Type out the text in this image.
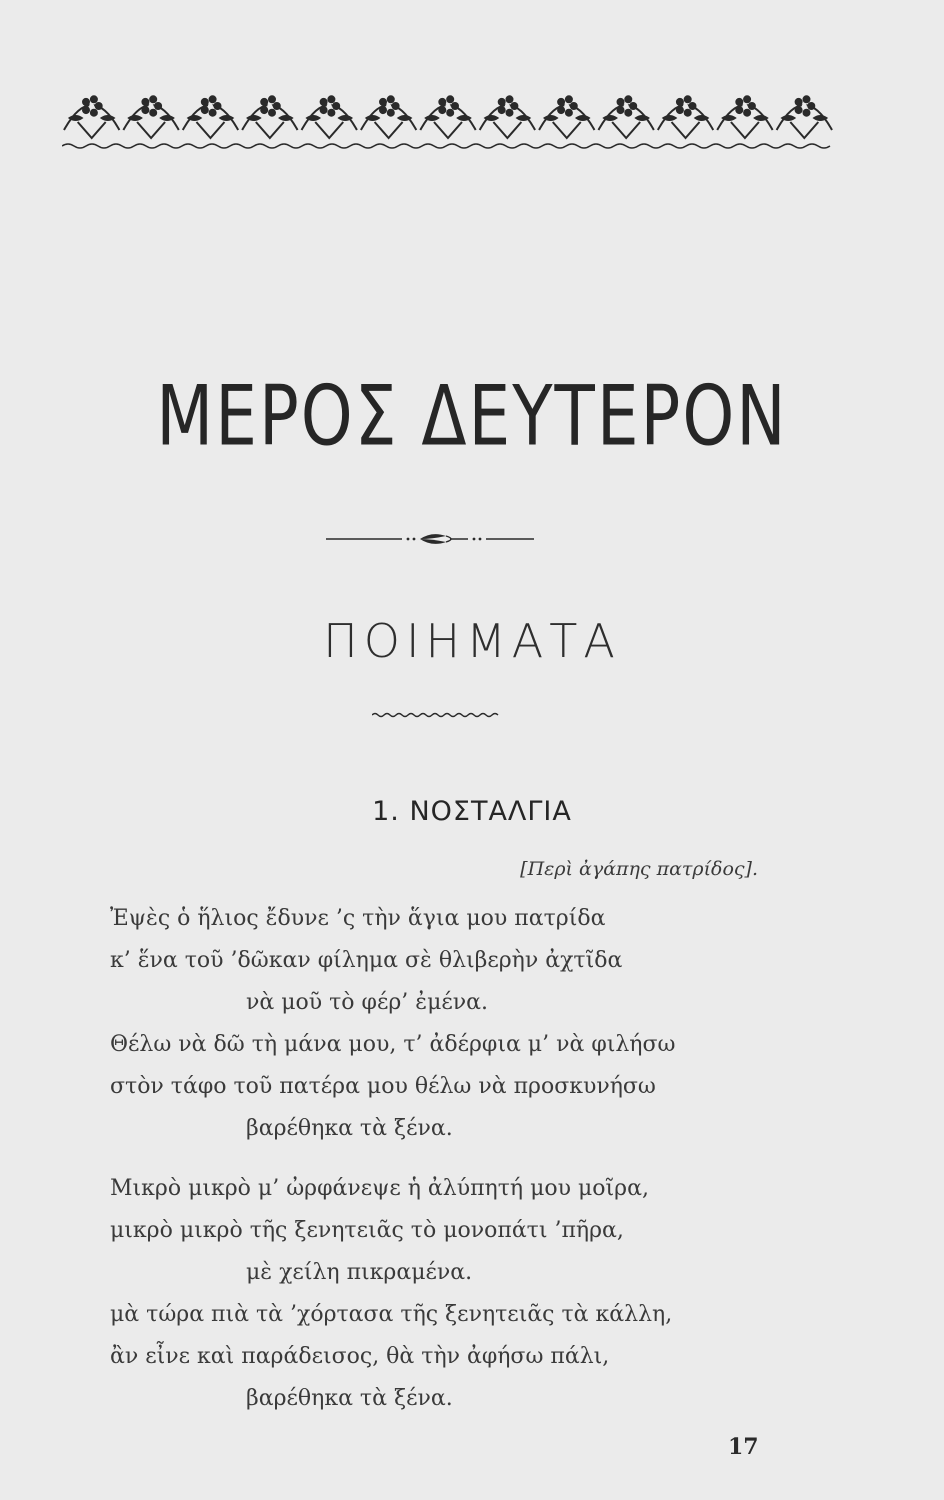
ΜΕΡΟΣ ΔΕΥΤΕΡΟΝ
ΠΟΙΗΜΑΤΑ
1. ΝΟΣΤΑΛΓΙΑ
[Περὶ ἀγάπης πατρίδος].
Ἐψὲς ὁ ἥλιος ἔδυνε ’ς τὴν ἅγια μου πατρίδα
κ’ ἕνα τοῦ ’δῶκαν φίλημα σὲ θλιβερὴν ἀχτῖδα
νὰ μοῦ τὸ φέρ’ ἐμένα.
Θέλω νὰ δῶ τὴ μάνα μου, τ’ ἀδέρφια μ’ νὰ φιλήσω
στὸν τάφο τοῦ πατέρα μου θέλω νὰ προσκυνήσω
βαρέθηκα τὰ ξένα.
Μικρὸ μικρὸ μ’ ὠρφάνεψε ἡ ἀλύπητή μου μοῖρα,
μικρὸ μικρὸ τῆς ξενητειᾶς τὸ μονοπάτι ’πῆρα,
μὲ χείλη πικραμένα.
μὰ τώρα πιὰ τὰ ’χόρτασα τῆς ξενητειᾶς τὰ κάλλη,
ἂν εἶνε καὶ παράδεισος, θὰ τὴν ἀφήσω πάλι,
βαρέθηκα τὰ ξένα.
17
